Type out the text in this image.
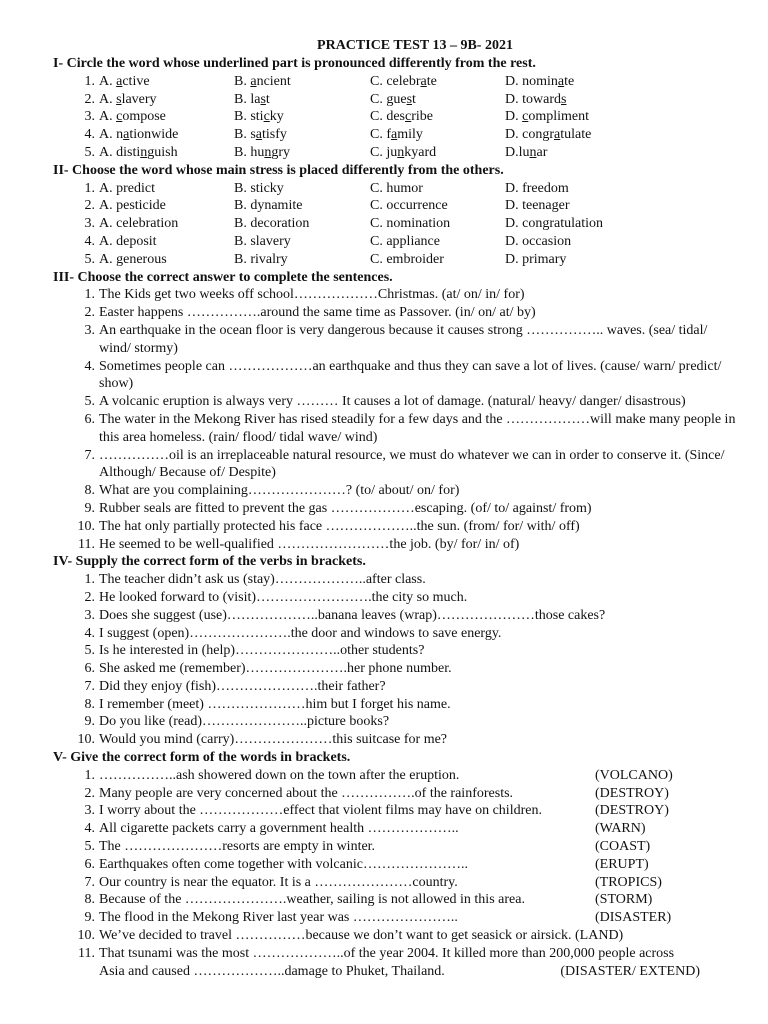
PRACTICE TEST 13 – 9B- 2021
I- Circle the word whose underlined part is pronounced differently from the rest.
1.
A. active	B. ancient	C. celebrate	D. nominate
2.
A. slavery	B. last	C. guest	D. towards
3.
A. compose	B. sticky	C. describe	D. compliment
4.
A. nationwide	B. satisfy	C. family	D. congratulate
5.
A. distinguish	B. hungry	C. junkyard	D.lunar
II- Choose the word whose main stress is placed differently from the others.
1.
A. predict	B. sticky	C. humor	D. freedom
2.
A. pesticide	B. dynamite	C. occurrence	D. teenager
3.
A. celebration	B. decoration	C. nomination	D. congratulation
4.
A. deposit	B. slavery	C. appliance	D. occasion
5.
A. generous	B. rivalry	C. embroider	D. primary
III- Choose the correct answer to complete the sentences.
1. The Kids get two weeks off school………………Christmas. (at/ on/ in/ for)
2. Easter happens …………….around the same time as Passover. (in/ on/ at/ by)
3. An earthquake in the ocean floor is very dangerous because it causes strong …………….. waves. (sea/ tidal/ wind/ stormy)
4. Sometimes people can ………………an earthquake and thus they can save a lot of lives. (cause/ warn/ predict/ show)
5. A volcanic eruption is always very ……… It causes a lot of damage. (natural/ heavy/ danger/ disastrous)
6. The water in the Mekong River has rised steadily for a few days and the ………………will make many people in this area homeless. (rain/ flood/ tidal wave/ wind)
7. ……………oil is an irreplaceable natural resource, we must do whatever we can in order to conserve it. (Since/ Although/ Because of/ Despite)
8. What are you complaining…………………? (to/ about/ on/ for)
9. Rubber seals are fitted to prevent the gas ………………escaping. (of/ to/ against/ from)
10. The hat only partially protected his face ………………..the sun. (from/ for/ with/ off)
11. He seemed to be well-qualified ……………………the job. (by/ for/ in/ of)
IV- Supply the correct form of the verbs in brackets.
1. The teacher didn’t ask us (stay)………………..after class.
2. He looked forward to (visit)…………………….the city so much.
3. Does she suggest (use)………………..banana leaves (wrap)…………………those cakes?
4. I suggest (open)………………….the door and windows to save energy.
5. Is he interested in (help)…………………..other students?
6. She asked me (remember)………………….her phone number.
7. Did they enjoy (fish)………………….their father?
8. I remember (meet) …………………him but I forget his name.
9. Do you like (read)…………………..picture books?
10. Would you mind (carry)…………………this suitcase for me?
V- Give the correct form of the words in brackets.
1. ……………..ash showered down on the town after the eruption.	(VOLCANO)
2. Many people are very concerned about the …………….of the rainforests.	(DESTROY)
3. I worry about the ………………effect that violent films may have on children.	(DESTROY)
4. All cigarette packets carry a government health ………………..	(WARN)
5. The …………………resorts are empty in winter.	(COAST)
6. Earthquakes often come together with volcanic…………………..	(ERUPT)
7. Our country is near the equator. It is a …………………country.	(TROPICS)
8. Because of the ………………….weather, sailing is not allowed in this area.	(STORM)
9. The flood in the Mekong River last year was …………………..	(DISASTER)
10. We’ve decided to travel ……………because we don’t want to get seasick or airsick. (LAND)
11. That tsunami was the most ………………..of the year 2004. It killed more than 200,000 people across
Asia and caused ………………..damage to Phuket, Thailand.	(DISASTER/ EXTEND)
